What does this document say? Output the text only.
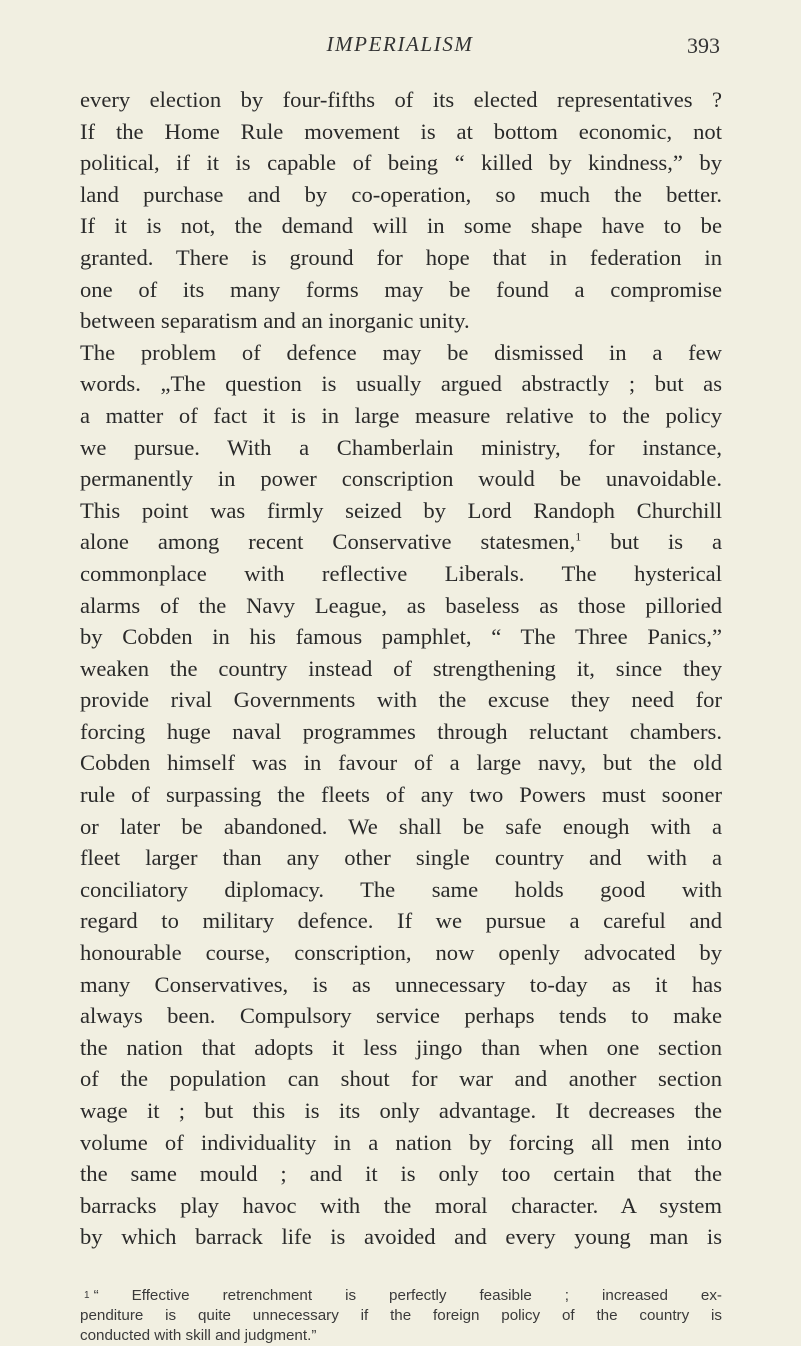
IMPERIALISM	393
every election by four-fifths of its elected representatives ?
If the Home Rule movement is at bottom economic, not
political, if it is capable of being “ killed by kindness,” by
land purchase and by co-operation, so much the better.
If it is not, the demand will in some shape have to be
granted. There is ground for hope that in federation in
one of its many forms may be found a compromise
between separatism and an inorganic unity.
The problem of defence may be dismissed in a few
words. „The question is usually argued abstractly ; but as
a matter of fact it is in large measure relative to the policy
we pursue. With a Chamberlain ministry, for instance,
permanently in power conscription would be unavoidable.
This point was firmly seized by Lord Randoph Churchill
alone among recent Conservative statesmen,$^1$ but is a
commonplace with reflective Liberals. The hysterical
alarms of the Navy League, as baseless as those pilloried
by Cobden in his famous pamphlet, “ The Three Panics,”
weaken the country instead of strengthening it, since they
provide rival Governments with the excuse they need for
forcing huge naval programmes through reluctant chambers.
Cobden himself was in favour of a large navy, but the old
rule of surpassing the fleets of any two Powers must sooner
or later be abandoned. We shall be safe enough with a
fleet larger than any other single country and with a
conciliatory diplomacy. The same holds good with
regard to military defence. If we pursue a careful and
honourable course, conscription, now openly advocated by
many Conservatives, is as unnecessary to-day as it has
always been. Compulsory service perhaps tends to make
the nation that adopts it less jingo than when one section
of the population can shout for war and another section
wage it ; but this is its only advantage. It decreases the
volume of individuality in a nation by forcing all men into
the same mould ; and it is only too certain that the
barracks play havoc with the moral character. A system
by which barrack life is avoided and every young man is
$^1$ “ Effective retrenchment is perfectly feasible ; increased ex-
penditure is quite unnecessary if the foreign policy of the country is
conducted with skill and judgment.”
